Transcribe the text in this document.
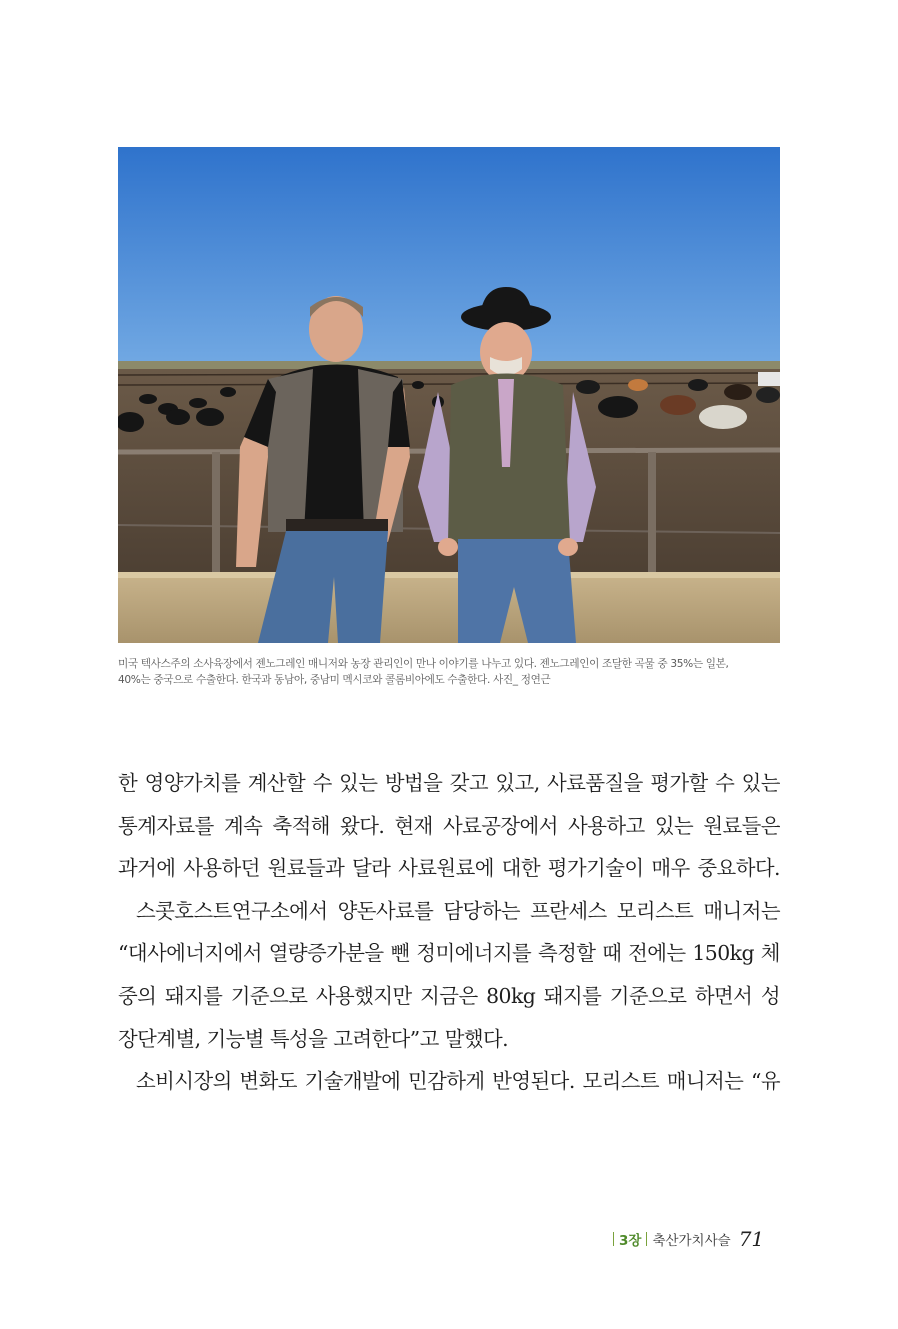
미국 텍사스주의 소사육장에서 젠노그레인 매니저와 농장 관리인이 만나 이야기를 나누고 있다. 젠노그레인이 조달한 곡물 중 35%는 일본,

40%는 중국으로 수출한다. 한국과 동남아, 중남미 멕시코와 콜롬비아에도 수출한다. 사진_ 정연근

한 영양가치를 계산할 수 있는 방법을 갖고 있고, 사료품질을 평가할 수 있는
통계자료를 계속 축적해 왔다. 현재 사료공장에서 사용하고 있는 원료들은
과거에 사용하던 원료들과 달라 사료원료에 대한 평가기술이 매우 중요하다.
스콧호스트연구소에서 양돈사료를 담당하는 프란세스 모리스트 매니저는
“대사에너지에서 열량증가분을 뺀 정미에너지를 측정할 때 전에는 150kg 체
중의 돼지를 기준으로 사용했지만 지금은 80kg 돼지를 기준으로 하면서 성
장단계별, 기능별 특성을 고려한다”고 말했다.
소비시장의 변화도 기술개발에 민감하게 반영된다. 모리스트 매니저는 “유
3장 축산가치사슬 71
